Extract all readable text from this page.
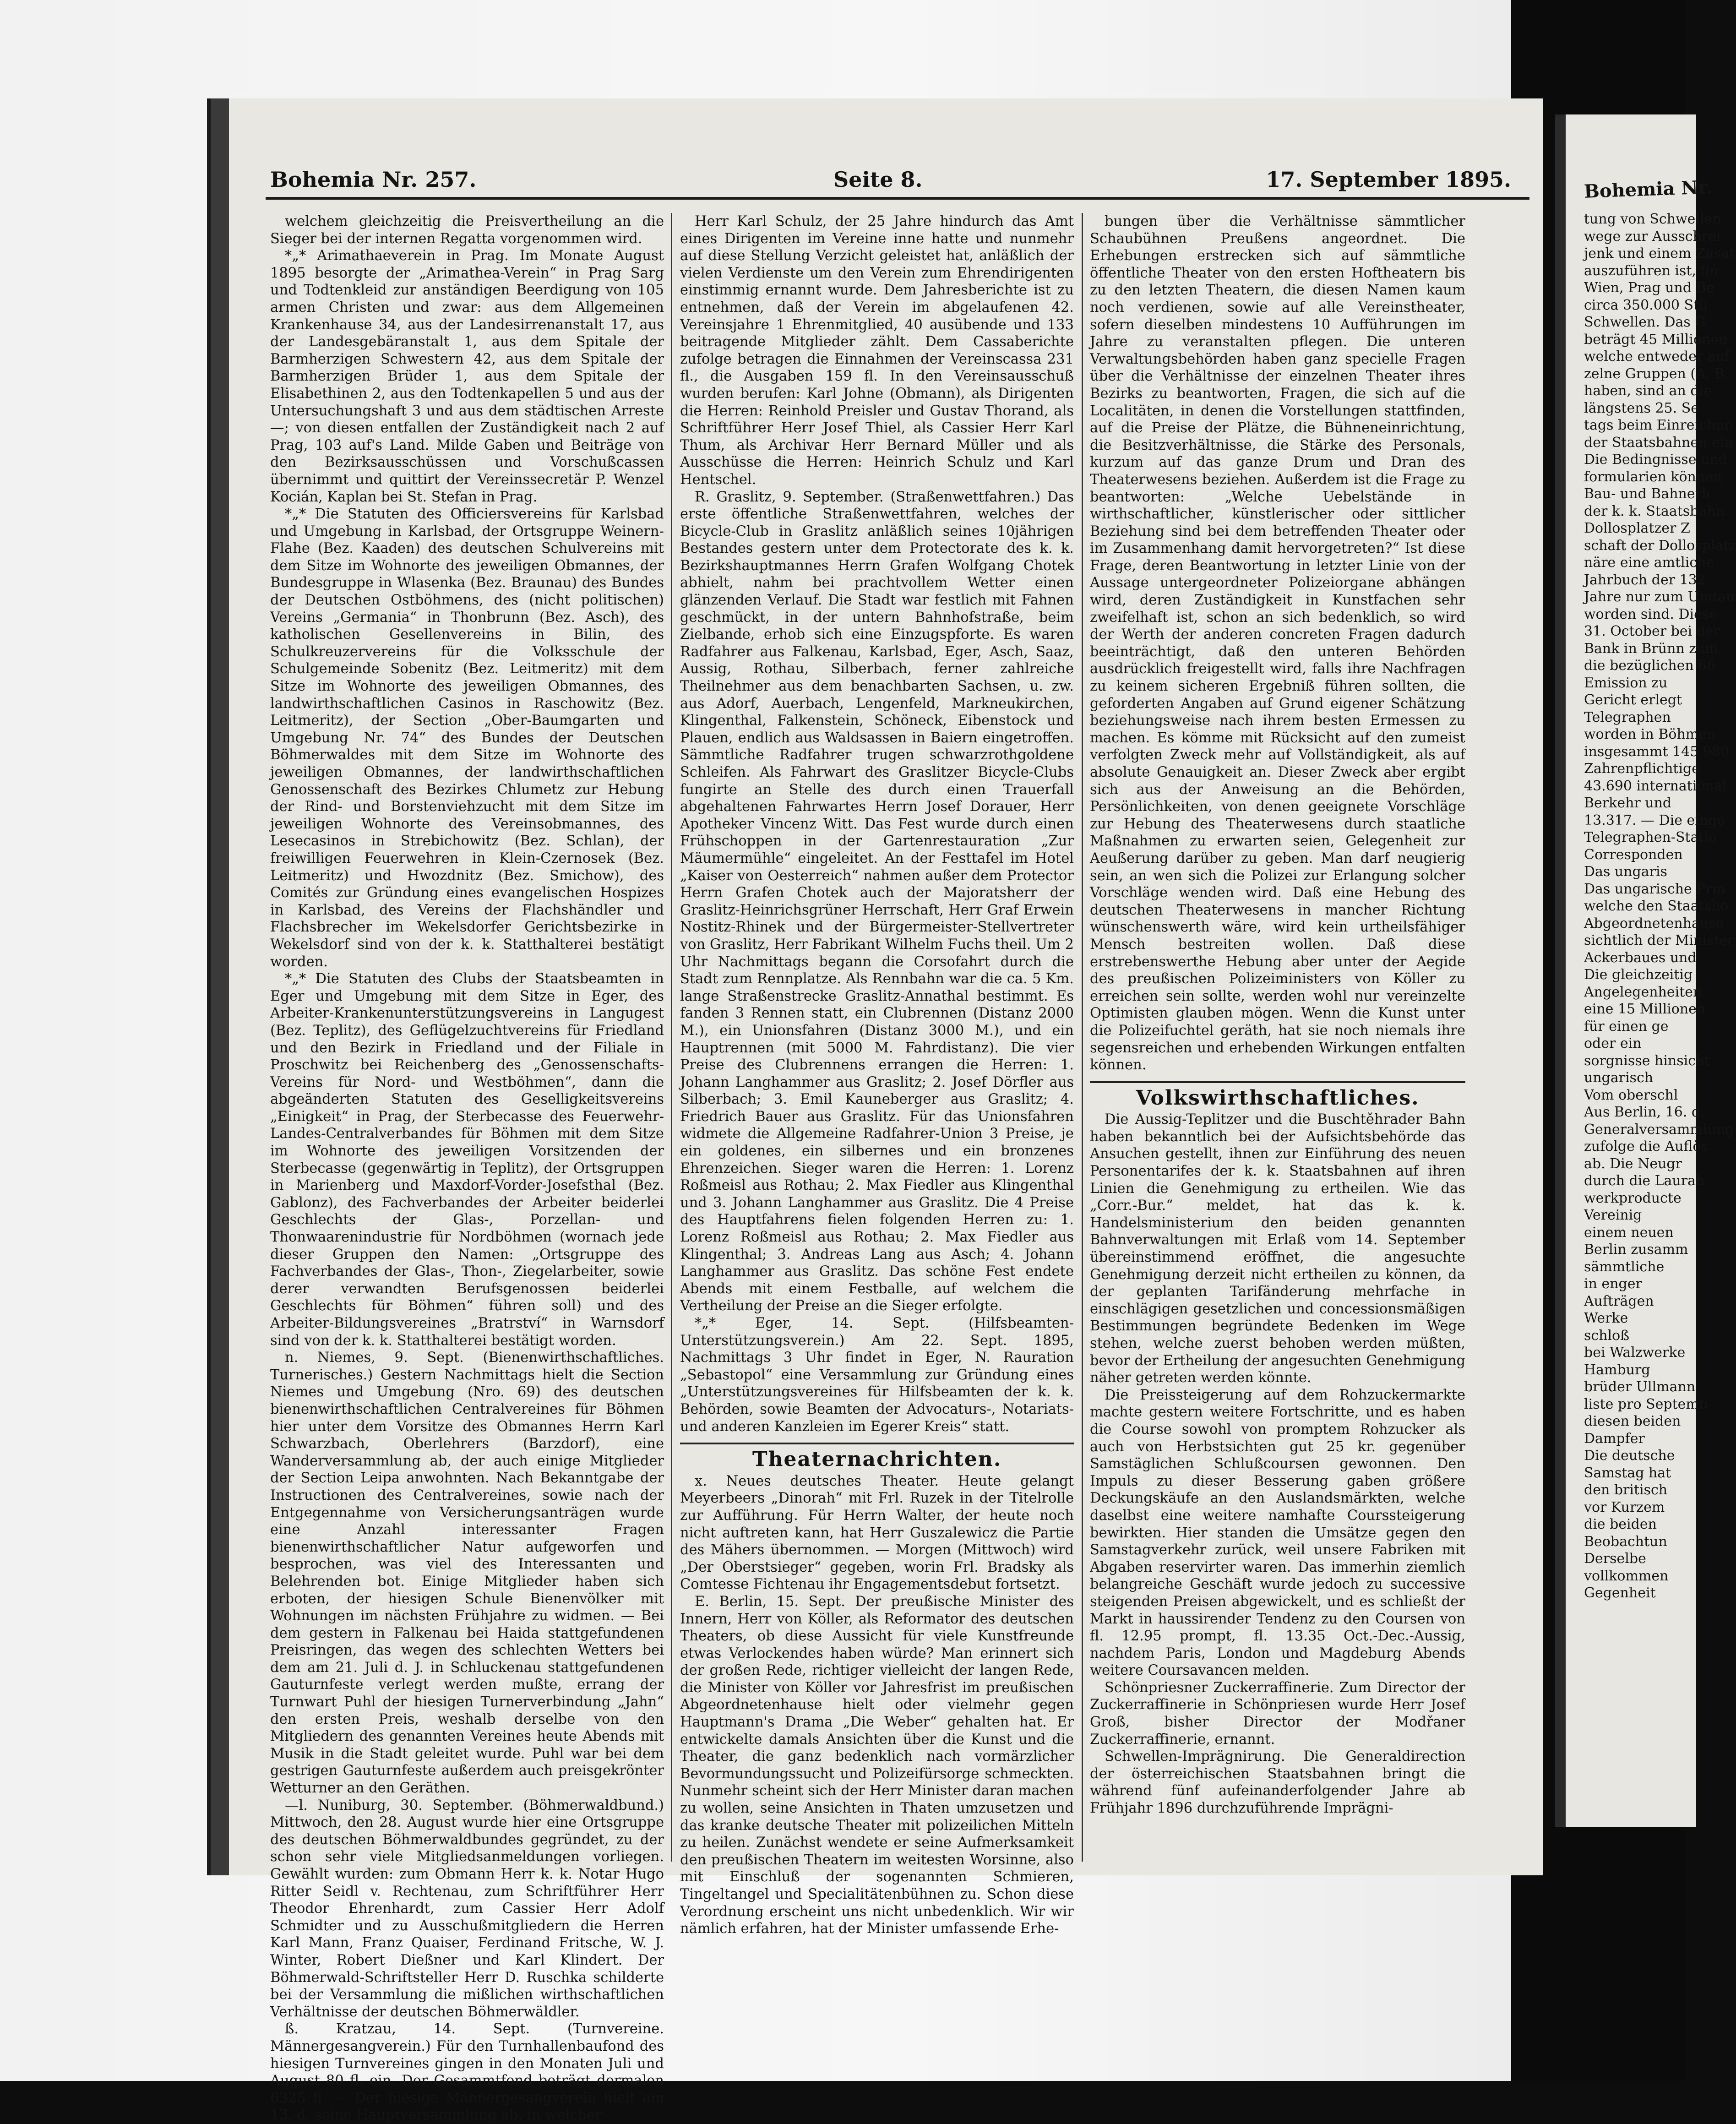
Bohemia Nr. 257.	Seite 8.	17. September 1895.

welchem gleichzeitig die Preisvertheilung an die Sieger bei der internen Regatta vorgenommen wird.

*„* Arimathaeverein in Prag. Im Monate August 1895 besorgte der „Arimathea-Verein“ in Prag Sarg und Todtenkleid zur anständigen Beerdigung von 105 armen Christen und zwar: aus dem Allgemeinen Krankenhause 34, aus der Landesirrenanstalt 17, aus der Landesgebäranstalt 1, aus dem Spitale der Barmherzigen Schwestern 42, aus dem Spitale der Barmherzigen Brüder 1, aus dem Spitale der Elisabethinen 2, aus den Todtenkapellen 5 und aus der Untersuchungshaft 3 und aus dem städtischen Arreste —; von diesen entfallen der Zuständigkeit nach 2 auf Prag, 103 auf's Land. Milde Gaben und Beiträge von den Bezirksausschüssen und Vorschußcassen übernimmt und quittirt der Vereinssecretär P. Wenzel Kocián, Kaplan bei St. Stefan in Prag.

*„* Die Statuten des Officiersvereins für Karlsbad und Umgebung in Karlsbad, der Ortsgruppe Weinern-Flahe (Bez. Kaaden) des deutschen Schulvereins mit dem Sitze im Wohnorte des jeweiligen Obmannes, der Bundesgruppe in Wlasenka (Bez. Braunau) des Bundes der Deutschen Ostböhmens, des (nicht politischen) Vereins „Germania“ in Thonbrunn (Bez. Asch), des katholischen Gesellenvereins in Bilin, des Schulkreuzervereins für die Volksschule der Schulgemeinde Sobenitz (Bez. Leitmeritz) mit dem Sitze im Wohnorte des jeweiligen Obmannes, des landwirthschaftlichen Casinos in Raschowitz (Bez. Leitmeritz), der Section „Ober-Baumgarten und Umgebung Nr. 74“ des Bundes der Deutschen Böhmerwaldes mit dem Sitze im Wohnorte des jeweiligen Obmannes, der landwirthschaftlichen Genossenschaft des Bezirkes Chlumetz zur Hebung der Rind- und Borstenviehzucht mit dem Sitze im jeweiligen Wohnorte des Vereinsobmannes, des Lesecasinos in Strebichowitz (Bez. Schlan), der freiwilligen Feuerwehren in Klein-Czernosek (Bez. Leitmeritz) und Hwozdnitz (Bez. Smichow), des Comités zur Gründung eines evangelischen Hospizes in Karlsbad, des Vereins der Flachshändler und Flachsbrecher im Wekelsdorfer Gerichtsbezirke in Wekelsdorf sind von der k. k. Statthalterei bestätigt worden.

*„* Die Statuten des Clubs der Staatsbeamten in Eger und Umgebung mit dem Sitze in Eger, des Arbeiter-Krankenunterstützungsvereins in Langugest (Bez. Teplitz), des Geflügelzuchtvereins für Friedland und den Bezirk in Friedland und der Filiale in Proschwitz bei Reichenberg des „Genossenschafts-Vereins für Nord- und Westböhmen“, dann die abgeänderten Statuten des Geselligkeitsvereins „Einigkeit“ in Prag, der Sterbecasse des Feuerwehr-Landes-Centralverbandes für Böhmen mit dem Sitze im Wohnorte des jeweiligen Vorsitzenden der Sterbecasse (gegenwärtig in Teplitz), der Ortsgruppen in Marienberg und Maxdorf-Vorder-Josefsthal (Bez. Gablonz), des Fachverbandes der Arbeiter beiderlei Geschlechts der Glas-, Porzellan- und Thonwaarenindustrie für Nordböhmen (wornach jede dieser Gruppen den Namen: „Ortsgruppe des Fachverbandes der Glas-, Thon-, Ziegelarbeiter, sowie derer verwandten Berufsgenossen beiderlei Geschlechts für Böhmen“ führen soll) und des Arbeiter-Bildungsvereines „Bratrství“ in Warnsdorf sind von der k. k. Statthalterei bestätigt worden.

n. Niemes, 9. Sept. (Bienenwirthschaftliches. Turnerisches.) Gestern Nachmittags hielt die Section Niemes und Umgebung (Nro. 69) des deutschen bienenwirthschaftlichen Centralvereines für Böhmen hier unter dem Vorsitze des Obmannes Herrn Karl Schwarzbach, Oberlehrers (Barzdorf), eine Wanderversammlung ab, der auch einige Mitglieder der Section Leipa anwohnten. Nach Bekanntgabe der Instructionen des Centralvereines, sowie nach der Entgegennahme von Versicherungsanträgen wurde eine Anzahl interessanter Fragen bienenwirthschaftlicher Natur aufgeworfen und besprochen, was viel des Interessanten und Belehrenden bot. Einige Mitglieder haben sich erboten, der hiesigen Schule Bienenvölker mit Wohnungen im nächsten Frühjahre zu widmen. — Bei dem gestern in Falkenau bei Haida stattgefundenen Preisringen, das wegen des schlechten Wetters bei dem am 21. Juli d. J. in Schluckenau stattgefundenen Gauturnfeste verlegt werden mußte, errang der Turnwart Puhl der hiesigen Turnerverbindung „Jahn“ den ersten Preis, weshalb derselbe von den Mitgliedern des genannten Vereines heute Abends mit Musik in die Stadt geleitet wurde. Puhl war bei dem gestrigen Gauturnfeste außerdem auch preisgekrönter Wetturner an den Geräthen.

—l. Nuniburg, 30. September. (Böhmerwaldbund.) Mittwoch, den 28. August wurde hier eine Ortsgruppe des deutschen Böhmerwaldbundes gegründet, zu der schon sehr viele Mitgliedsanmeldungen vorliegen. Gewählt wurden: zum Obmann Herr k. k. Notar Hugo Ritter Seidl v. Rechtenau, zum Schriftführer Herr Theodor Ehrenhardt, zum Cassier Herr Adolf Schmidter und zu Ausschußmitgliedern die Herren Karl Mann, Franz Quaiser, Ferdinand Fritsche, W. J. Winter, Robert Dießner und Karl Klindert. Der Böhmerwald-Schriftsteller Herr D. Ruschka schilderte bei der Versammlung die mißlichen wirthschaftlichen Verhältnisse der deutschen Böhmerwäldler.

ß. Kratzau, 14. Sept. (Turnvereine. Männergesangverein.) Für den Turnhallenbaufond des hiesigen Turnvereines gingen in den Monaten Juli und August 80 fl. ein. Der Gesammtfond beträgt dermalen 6325 fl. — Der hiesige Männergesangverein hielt am 13. d. seine Hauptversammlung ab, in welcher

Herr Karl Schulz, der 25 Jahre hindurch das Amt eines Dirigenten im Vereine inne hatte und nunmehr auf diese Stellung Verzicht geleistet hat, anläßlich der vielen Verdienste um den Verein zum Ehrendirigenten einstimmig ernannt wurde. Dem Jahresberichte ist zu entnehmen, daß der Verein im abgelaufenen 42. Vereinsjahre 1 Ehrenmitglied, 40 ausübende und 133 beitragende Mitglieder zählt. Dem Cassaberichte zufolge betragen die Einnahmen der Vereinscassa 231 fl., die Ausgaben 159 fl. In den Vereinsausschuß wurden berufen: Karl Johne (Obmann), als Dirigenten die Herren: Reinhold Preisler und Gustav Thorand, als Schriftführer Herr Josef Thiel, als Cassier Herr Karl Thum, als Archivar Herr Bernard Müller und als Ausschüsse die Herren: Heinrich Schulz und Karl Hentschel.

R. Graslitz, 9. September. (Straßenwettfahren.) Das erste öffentliche Straßenwettfahren, welches der Bicycle-Club in Graslitz anläßlich seines 10jährigen Bestandes gestern unter dem Protectorate des k. k. Bezirkshauptmannes Herrn Grafen Wolfgang Chotek abhielt, nahm bei prachtvollem Wetter einen glänzenden Verlauf. Die Stadt war festlich mit Fahnen geschmückt, in der untern Bahnhofstraße, beim Zielbande, erhob sich eine Einzugspforte. Es waren Radfahrer aus Falkenau, Karlsbad, Eger, Asch, Saaz, Aussig, Rothau, Silberbach, ferner zahlreiche Theilnehmer aus dem benachbarten Sachsen, u. zw. aus Adorf, Auerbach, Lengenfeld, Markneukirchen, Klingenthal, Falkenstein, Schöneck, Eibenstock und Plauen, endlich aus Waldsassen in Baiern eingetroffen. Sämmtliche Radfahrer trugen schwarzrothgoldene Schleifen. Als Fahrwart des Graslitzer Bicycle-Clubs fungirte an Stelle des durch einen Trauerfall abgehaltenen Fahrwartes Herrn Josef Dorauer, Herr Apotheker Vincenz Witt. Das Fest wurde durch einen Frühschoppen in der Gartenrestauration „Zur Mäumermühle“ eingeleitet. An der Festtafel im Hotel „Kaiser von Oesterreich“ nahmen außer dem Protector Herrn Grafen Chotek auch der Majoratsherr der Graslitz-Heinrichsgrüner Herrschaft, Herr Graf Erwein Nostitz-Rhinek und der Bürgermeister-Stellvertreter von Graslitz, Herr Fabrikant Wilhelm Fuchs theil. Um 2 Uhr Nachmittags begann die Corsofahrt durch die Stadt zum Rennplatze. Als Rennbahn war die ca. 5 Km. lange Straßenstrecke Graslitz-Annathal bestimmt. Es fanden 3 Rennen statt, ein Clubrennen (Distanz 2000 M.), ein Unionsfahren (Distanz 3000 M.), und ein Hauptrennen (mit 5000 M. Fahrdistanz). Die vier Preise des Clubrennens errangen die Herren: 1. Johann Langhammer aus Graslitz; 2. Josef Dörfler aus Silberbach; 3. Emil Kauneberger aus Graslitz; 4. Friedrich Bauer aus Graslitz. Für das Unionsfahren widmete die Allgemeine Radfahrer-Union 3 Preise, je ein goldenes, ein silbernes und ein bronzenes Ehrenzeichen. Sieger waren die Herren: 1. Lorenz Roßmeisl aus Rothau; 2. Max Fiedler aus Klingenthal und 3. Johann Langhammer aus Graslitz. Die 4 Preise des Hauptfahrens fielen folgenden Herren zu: 1. Lorenz Roßmeisl aus Rothau; 2. Max Fiedler aus Klingenthal; 3. Andreas Lang aus Asch; 4. Johann Langhammer aus Graslitz. Das schöne Fest endete Abends mit einem Festballe, auf welchem die Vertheilung der Preise an die Sieger erfolgte.

*„* Eger, 14. Sept. (Hilfsbeamten-Unterstützungsverein.) Am 22. Sept. 1895, Nachmittags 3 Uhr findet in Eger, N. Rauration „Sebastopol“ eine Versammlung zur Gründung eines „Unterstützungsvereines für Hilfsbeamten der k. k. Behörden, sowie Beamten der Advocaturs-, Notariats- und anderen Kanzleien im Egerer Kreis“ statt.

Theaternachrichten.

x. Neues deutsches Theater. Heute gelangt Meyerbeers „Dinorah“ mit Frl. Ruzek in der Titelrolle zur Aufführung. Für Herrn Walter, der heute noch nicht auftreten kann, hat Herr Guszalewicz die Partie des Mähers übernommen. — Morgen (Mittwoch) wird „Der Oberstsieger“ gegeben, worin Frl. Bradsky als Comtesse Fichtenau ihr Engagementsdebut fortsetzt.

E. Berlin, 15. Sept. Der preußische Minister des Innern, Herr von Köller, als Reformator des deutschen Theaters, ob diese Aussicht für viele Kunstfreunde etwas Verlockendes haben würde? Man erinnert sich der großen Rede, richtiger vielleicht der langen Rede, die Minister von Köller vor Jahresfrist im preußischen Abgeordnetenhause hielt oder vielmehr gegen Hauptmann's Drama „Die Weber“ gehalten hat. Er entwickelte damals Ansichten über die Kunst und die Theater, die ganz bedenklich nach vormärzlicher Bevormundungssucht und Polizeifürsorge schmeckten. Nunmehr scheint sich der Herr Minister daran machen zu wollen, seine Ansichten in Thaten umzusetzen und das kranke deutsche Theater mit polizeilichen Mitteln zu heilen. Zunächst wendete er seine Aufmerksamkeit den preußischen Theatern im weitesten Worsinne, also mit Einschluß der sogenannten Schmieren, Tingeltangel und Specialitätenbühnen zu. Schon diese Verordnung erscheint uns nicht unbedenklich. Wir wir nämlich erfahren, hat der Minister umfassende Erhe-

bungen über die Verhältnisse sämmtlicher Schaubühnen Preußens angeordnet. Die Erhebungen erstrecken sich auf sämmtliche öffentliche Theater von den ersten Hoftheatern bis zu den letzten Theatern, die diesen Namen kaum noch verdienen, sowie auf alle Vereinstheater, sofern dieselben mindestens 10 Aufführungen im Jahre zu veranstalten pflegen. Die unteren Verwaltungsbehörden haben ganz specielle Fragen über die Verhältnisse der einzelnen Theater ihres Bezirks zu beantworten, Fragen, die sich auf die Localitäten, in denen die Vorstellungen stattfinden, auf die Preise der Plätze, die Bühneneinrichtung, die Besitzverhältnisse, die Stärke des Personals, kurzum auf das ganze Drum und Dran des Theaterwesens beziehen. Außerdem ist die Frage zu beantworten: „Welche Uebelstände in wirthschaftlicher, künstlerischer oder sittlicher Beziehung sind bei dem betreffenden Theater oder im Zusammenhang damit hervorgetreten?“ Ist diese Frage, deren Beantwortung in letzter Linie von der Aussage untergeordneter Polizeiorgane abhängen wird, deren Zuständigkeit in Kunstfachen sehr zweifelhaft ist, schon an sich bedenklich, so wird der Werth der anderen concreten Fragen dadurch beeinträchtigt, daß den unteren Behörden ausdrücklich freigestellt wird, falls ihre Nachfragen zu keinem sicheren Ergebniß führen sollten, die geforderten Angaben auf Grund eigener Schätzung beziehungsweise nach ihrem besten Ermessen zu machen. Es kömme mit Rücksicht auf den zumeist verfolgten Zweck mehr auf Vollständigkeit, als auf absolute Genauigkeit an. Dieser Zweck aber ergibt sich aus der Anweisung an die Behörden, Persönlichkeiten, von denen geeignete Vorschläge zur Hebung des Theaterwesens durch staatliche Maßnahmen zu erwarten seien, Gelegenheit zur Aeußerung darüber zu geben. Man darf neugierig sein, an wen sich die Polizei zur Erlangung solcher Vorschläge wenden wird. Daß eine Hebung des deutschen Theaterwesens in mancher Richtung wünschenswerth wäre, wird kein urtheilsfähiger Mensch bestreiten wollen. Daß diese erstrebenswerthe Hebung aber unter der Aegide des preußischen Polizeiministers von Köller zu erreichen sein sollte, werden wohl nur vereinzelte Optimisten glauben mögen. Wenn die Kunst unter die Polizeifuchtel geräth, hat sie noch niemals ihre segensreichen und erhebenden Wirkungen entfalten können.

Volkswirthschaftliches.

Die Aussig-Teplitzer und die Buschtěhrader Bahn haben bekanntlich bei der Aufsichtsbehörde das Ansuchen gestellt, ihnen zur Einführung des neuen Personentarifes der k. k. Staatsbahnen auf ihren Linien die Genehmigung zu ertheilen. Wie das „Corr.-Bur.“ meldet, hat das k. k. Handelsministerium den beiden genannten Bahnverwaltungen mit Erlaß vom 14. September übereinstimmend eröffnet, die angesuchte Genehmigung derzeit nicht ertheilen zu können, da der geplanten Tarifänderung mehrfache in einschlägigen gesetzlichen und concessionsmäßigen Bestimmungen begründete Bedenken im Wege stehen, welche zuerst behoben werden müßten, bevor der Ertheilung der angesuchten Genehmigung näher getreten werden könnte.

Die Preissteigerung auf dem Rohzuckermarkte machte gestern weitere Fortschritte, und es haben die Course sowohl von promptem Rohzucker als auch von Herbstsichten gut 25 kr. gegenüber Samstäglichen Schlußcoursen gewonnen. Den Impuls zu dieser Besserung gaben größere Deckungskäufe an den Auslandsmärkten, welche daselbst eine weitere namhafte Courssteigerung bewirkten. Hier standen die Umsätze gegen den Samstagverkehr zurück, weil unsere Fabriken mit Abgaben reservirter waren. Das immerhin ziemlich belangreiche Geschäft wurde jedoch zu successive steigenden Preisen abgewickelt, und es schließt der Markt in haussirender Tendenz zu den Coursen von fl. 12.95 prompt, fl. 13.35 Oct.-Dec.-Aussig, nachdem Paris, London und Magdeburg Abends weitere Coursavancen melden.

Schönpriesner Zuckerraffinerie. Zum Director der Zuckerraffinerie in Schönpriesen wurde Herr Josef Groß, bisher Director der Modřaner Zuckerraffinerie, ernannt.

Schwellen-Imprägnirung. Die Generaldirection der österreichischen Staatsbahnen bringt die während fünf aufeinanderfolgender Jahre ab Frühjahr 1896 durchzuführende Imprägni-

Bohemia Nr.
tung von Schwellen
wege zur Ausschrei
jenk und einem Zusat
auszuführen ist, fin
Wien, Prag und Be
circa 350.000 Stü
Schwellen. Das G
beträgt 45 Millionen
welche entweder auf
zelne Gruppen (A. B.
haben, sind an die
längstens 25. Se
tags beim Einreichun
der Staatsbahnen ein
Die Bedingnisse und
formularien können
Bau- und Bahnerh
der k. k. Staatsbahn
Dollosplatzer Z
schaft der Dollosplatz
näre eine amtliche
Jahrbuch der 132
Jahre nur zum Umtau
worden sind. Diese
31. October bei der
Bank in Brünn zum
die bezüglichen 66
Emission zu
Gericht erlegt
Telegraphen
worden in Böhmen
insgesammt 145.980
Zahrenpflichtige
43.690 international
Berkehr und
13.317. — Die einge
Telegraphen-Statio
Corresponden
Das ungaris
Das ungarische Prin
welche den Staatsho
Abgeordnetenhause
sichtlich der Minister
Ackerbaues und
Die gleichzeitig
Angelegenheiten
eine 15 Millionen
für einen ge
oder ein
sorgnisse hinsicht
ungarisch
Vom oberschl
Aus Berlin, 16. d.
Generalversammlung
zufolge die Auflös
ab. Die Neugr
durch die Laurah
werkproducte
Vereinig
einem neuen
Berlin zusamm
sämmtliche
in enger
Aufträgen
Werke
schloß
bei Walzwerke
Hamburg
brüder Ullmann
liste pro Septemb
diesen beiden
Dampfer
Die deutsche
Samstag hat
den britisch
vor Kurzem
die beiden
Beobachtun
Derselbe
vollkommen
Gegenheit
